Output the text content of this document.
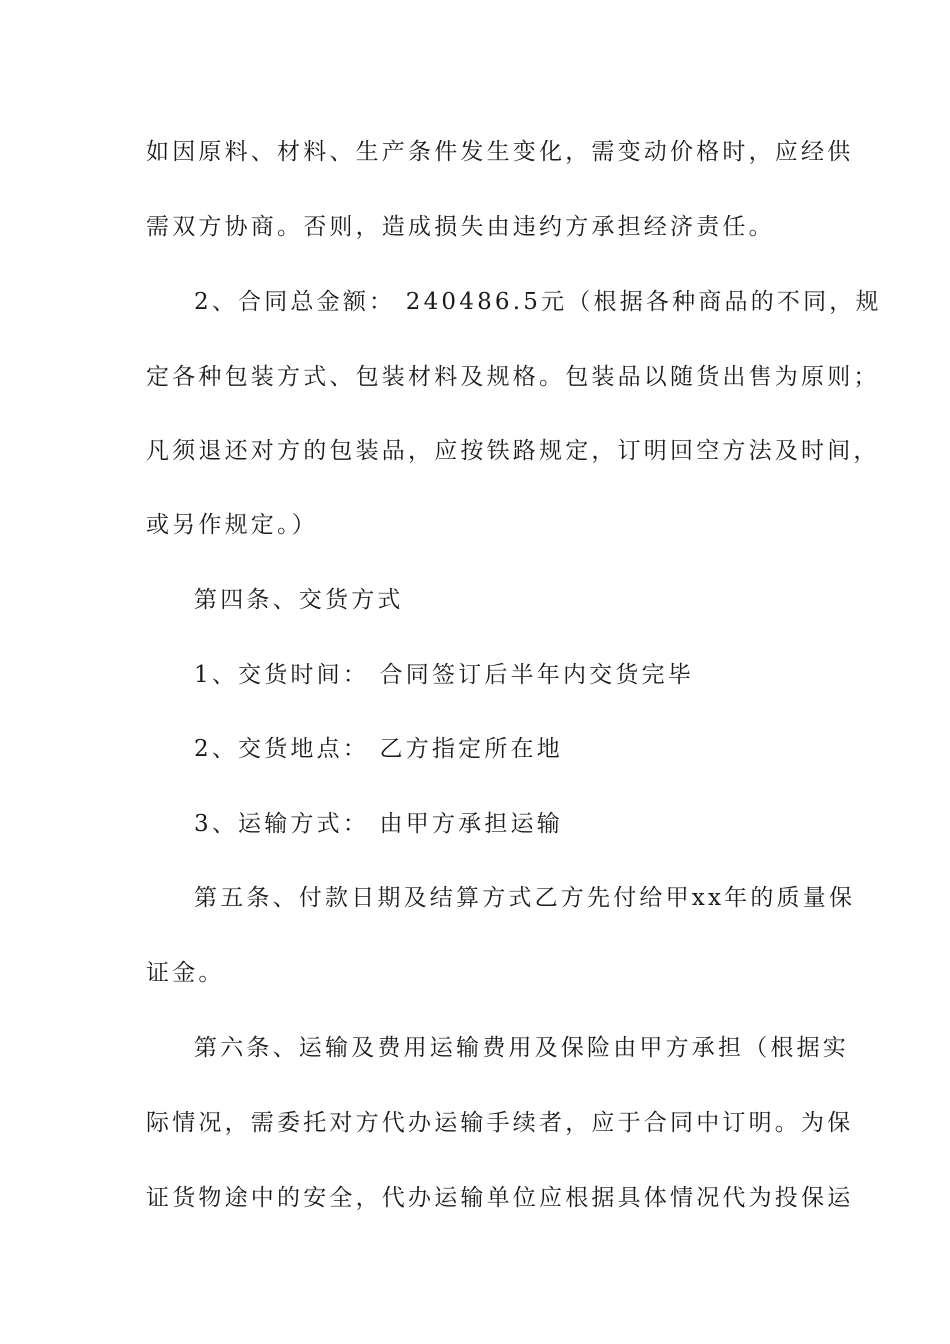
如因原料、材料、生产条件发生变化，需变动价格时，应经供
需双方协商。否则，造成损失由违约方承担经济责任。
2、合同总金额： 240486.5元（根据各种商品的不同，规
定各种包装方式、包装材料及规格。包装品以随货出售为原则；
凡须退还对方的包装品，应按铁路规定，订明回空方法及时间，
或另作规定。）
第四条、交货方式
1、交货时间： 合同签订后半年内交货完毕
2、交货地点： 乙方指定所在地
3、运输方式： 由甲方承担运输
第五条、付款日期及结算方式乙方先付给甲xx年的质量保
证金。
第六条、运输及费用运输费用及保险由甲方承担（根据实
际情况，需委托对方代办运输手续者，应于合同中订明。为保
证货物途中的安全，代办运输单位应根据具体情况代为投保运
